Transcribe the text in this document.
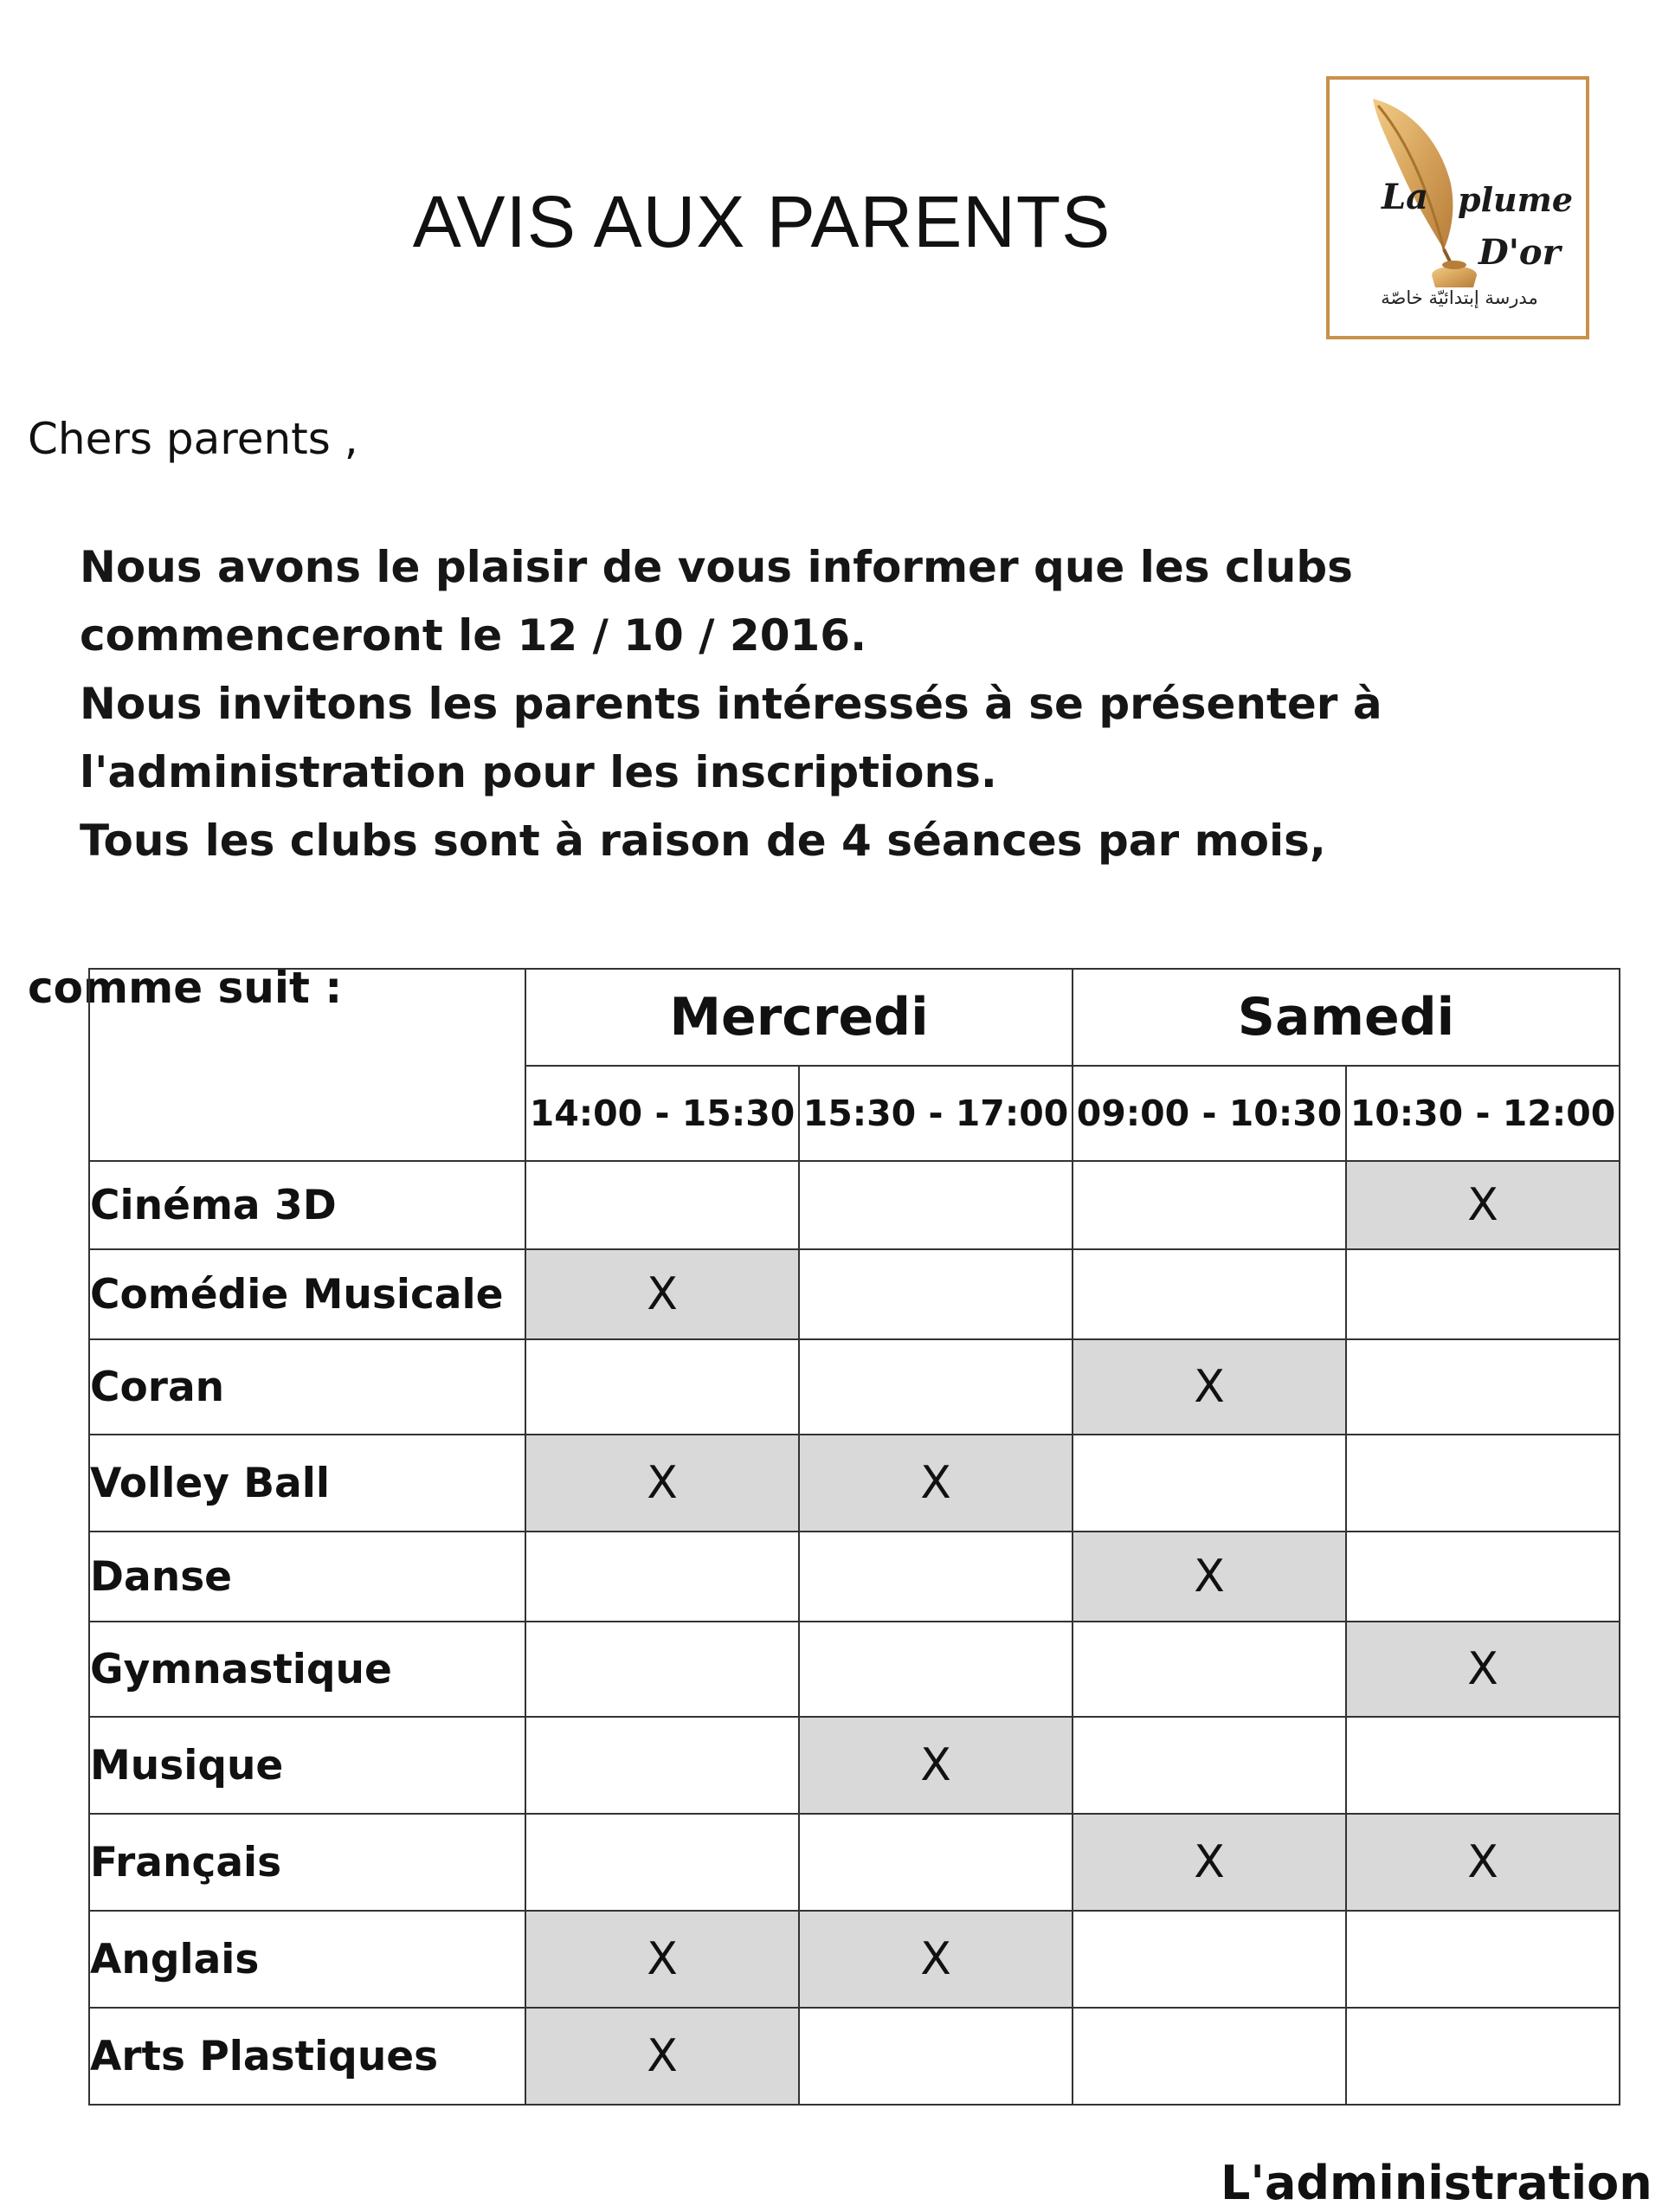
AVIS AUX PARENTS	La plume
D'or
مدرسة إبتدائيّة خاصّة

Chers parents ,

Nous avons le plaisir de vous informer que les clubs
commenceront le 12 / 10 / 2016.
Nous invitons les parents intéressés à se présenter à
l'administration pour les inscriptions.
Tous les clubs sont à raison de 4 séances par mois,

comme suit :

		Mercredi		Samedi	
	14:00 - 15:30	15:30 - 17:00	09:00 - 10:30	10:30 - 12:00
Cinéma 3D				X
Comédie Musicale	X			
Coran			X	
Volley Ball	X	X		
Danse			X	
Gymnastique				X
Musique		X		
Français			X	X
Anglais	X	X		
Arts Plastiques	X			

L'administration
